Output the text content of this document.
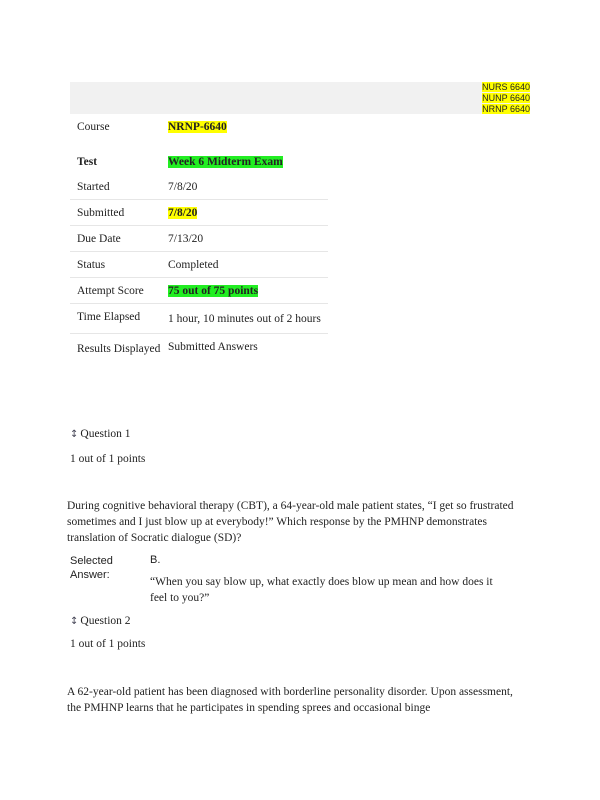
NURS 6640
NUNP 6640
NRNP 6640
Course	NRNP-6640
Test	Week 6 Midterm Exam
Started	7/8/20
Submitted	7/8/20
Due Date	7/13/20
Status	Completed
Attempt Score	75 out of 75 points
Time Elapsed	1 hour, 10 minutes out of 2 hours
Results Displayed	Submitted Answers
↕ Question 1
1 out of 1 points
During cognitive behavioral therapy (CBT), a 64-year-old male patient states, “I get so frustrated sometimes and I just blow up at everybody!” Which response by the PMHNP demonstrates translation of Socratic dialogue (SD)?
Selected Answer:
B.
“When you say blow up, what exactly does blow up mean and how does it feel to you?”
↕ Question 2
1 out of 1 points
A 62-year-old patient has been diagnosed with borderline personality disorder. Upon assessment, the PMHNP learns that he participates in spending sprees and occasional binge
